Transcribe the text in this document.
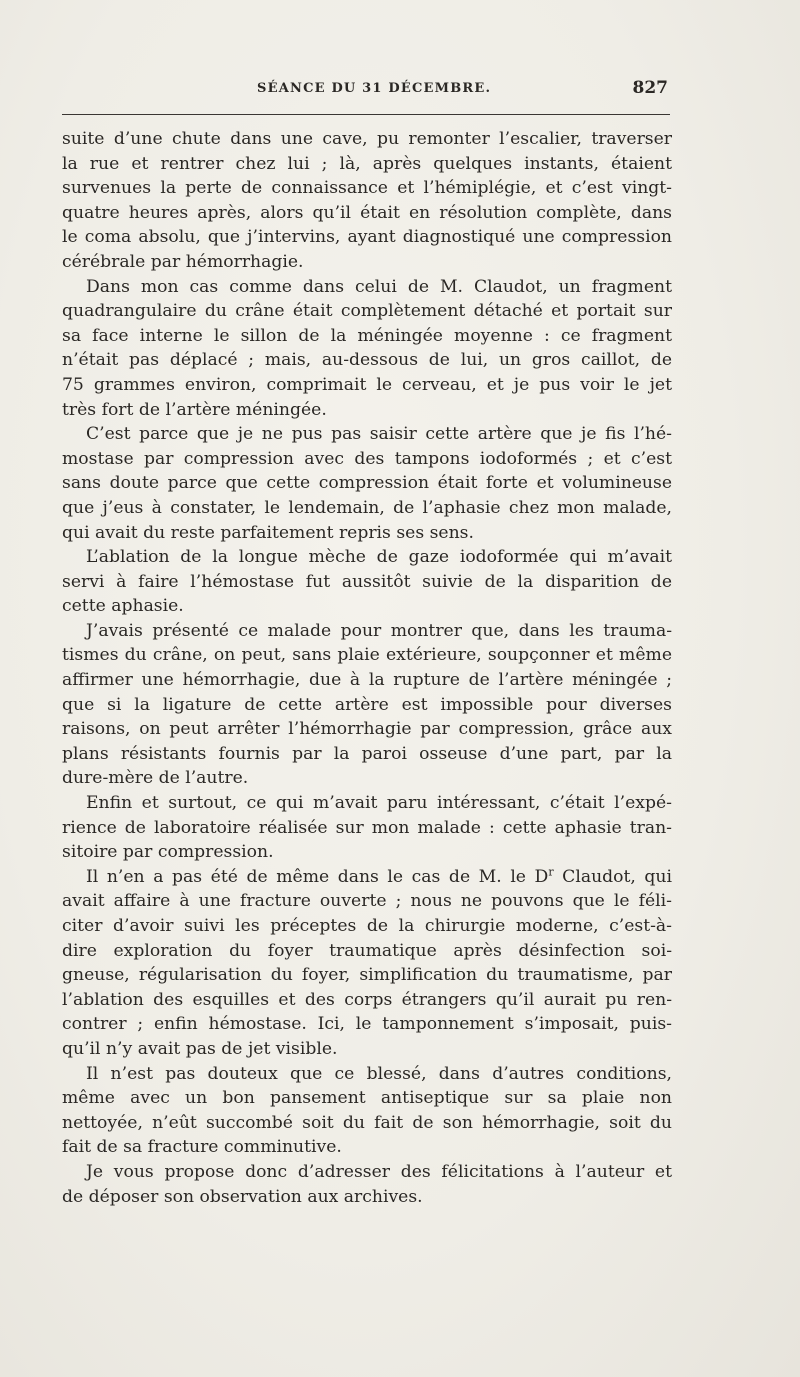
SÉANCE DU 31 DÉCEMBRE.	827
suite d’une chute dans une cave, pu remonter l’escalier, traverser
la rue et rentrer chez lui ; là, après quelques instants, étaient
survenues la perte de connaissance et l’hémiplégie, et c’est vingt-
quatre heures après, alors qu’il était en résolution complète, dans
le coma absolu, que j’intervins, ayant diagnostiqué une compression
cérébrale par hémorrhagie.
Dans mon cas comme dans celui de M. Claudot, un fragment
quadrangulaire du crâne était complètement détaché et portait sur
sa face interne le sillon de la méningée moyenne : ce fragment
n’était pas déplacé ; mais, au-dessous de lui, un gros caillot, de
75 grammes environ, comprimait le cerveau, et je pus voir le jet
très fort de l’artère méningée.
C’est parce que je ne pus pas saisir cette artère que je fis l’hé-
mostase par compression avec des tampons iodoformés ; et c’est
sans doute parce que cette compression était forte et volumineuse
que j’eus à constater, le lendemain, de l’aphasie chez mon malade,
qui avait du reste parfaitement repris ses sens.
L’ablation de la longue mèche de gaze iodoformée qui m’avait
servi à faire l’hémostase fut aussitôt suivie de la disparition de
cette aphasie.
J’avais présenté ce malade pour montrer que, dans les trauma-
tismes du crâne, on peut, sans plaie extérieure, soupçonner et même
affirmer une hémorrhagie, due à la rupture de l’artère méningée ;
que si la ligature de cette artère est impossible pour diverses
raisons, on peut arrêter l’hémorrhagie par compression, grâce aux
plans résistants fournis par la paroi osseuse d’une part, par la
dure-mère de l’autre.
Enfin et surtout, ce qui m’avait paru intéressant, c’était l’expé-
rience de laboratoire réalisée sur mon malade : cette aphasie tran-
sitoire par compression.
Il n’en a pas été de même dans le cas de M. le $D^r$ Claudot, qui
avait affaire à une fracture ouverte ; nous ne pouvons que le féli-
citer d’avoir suivi les préceptes de la chirurgie moderne, c’est-à-
dire exploration du foyer traumatique après désinfection soi-
gneuse, régularisation du foyer, simplification du traumatisme, par
l’ablation des esquilles et des corps étrangers qu’il aurait pu ren-
contrer ; enfin hémostase. Ici, le tamponnement s’imposait, puis-
qu’il n’y avait pas de jet visible.
Il n’est pas douteux que ce blessé, dans d’autres conditions,
même avec un bon pansement antiseptique sur sa plaie non
nettoyée, n’eût succombé soit du fait de son hémorrhagie, soit du
fait de sa fracture comminutive.
Je vous propose donc d’adresser des félicitations à l’auteur et
de déposer son observation aux archives.
